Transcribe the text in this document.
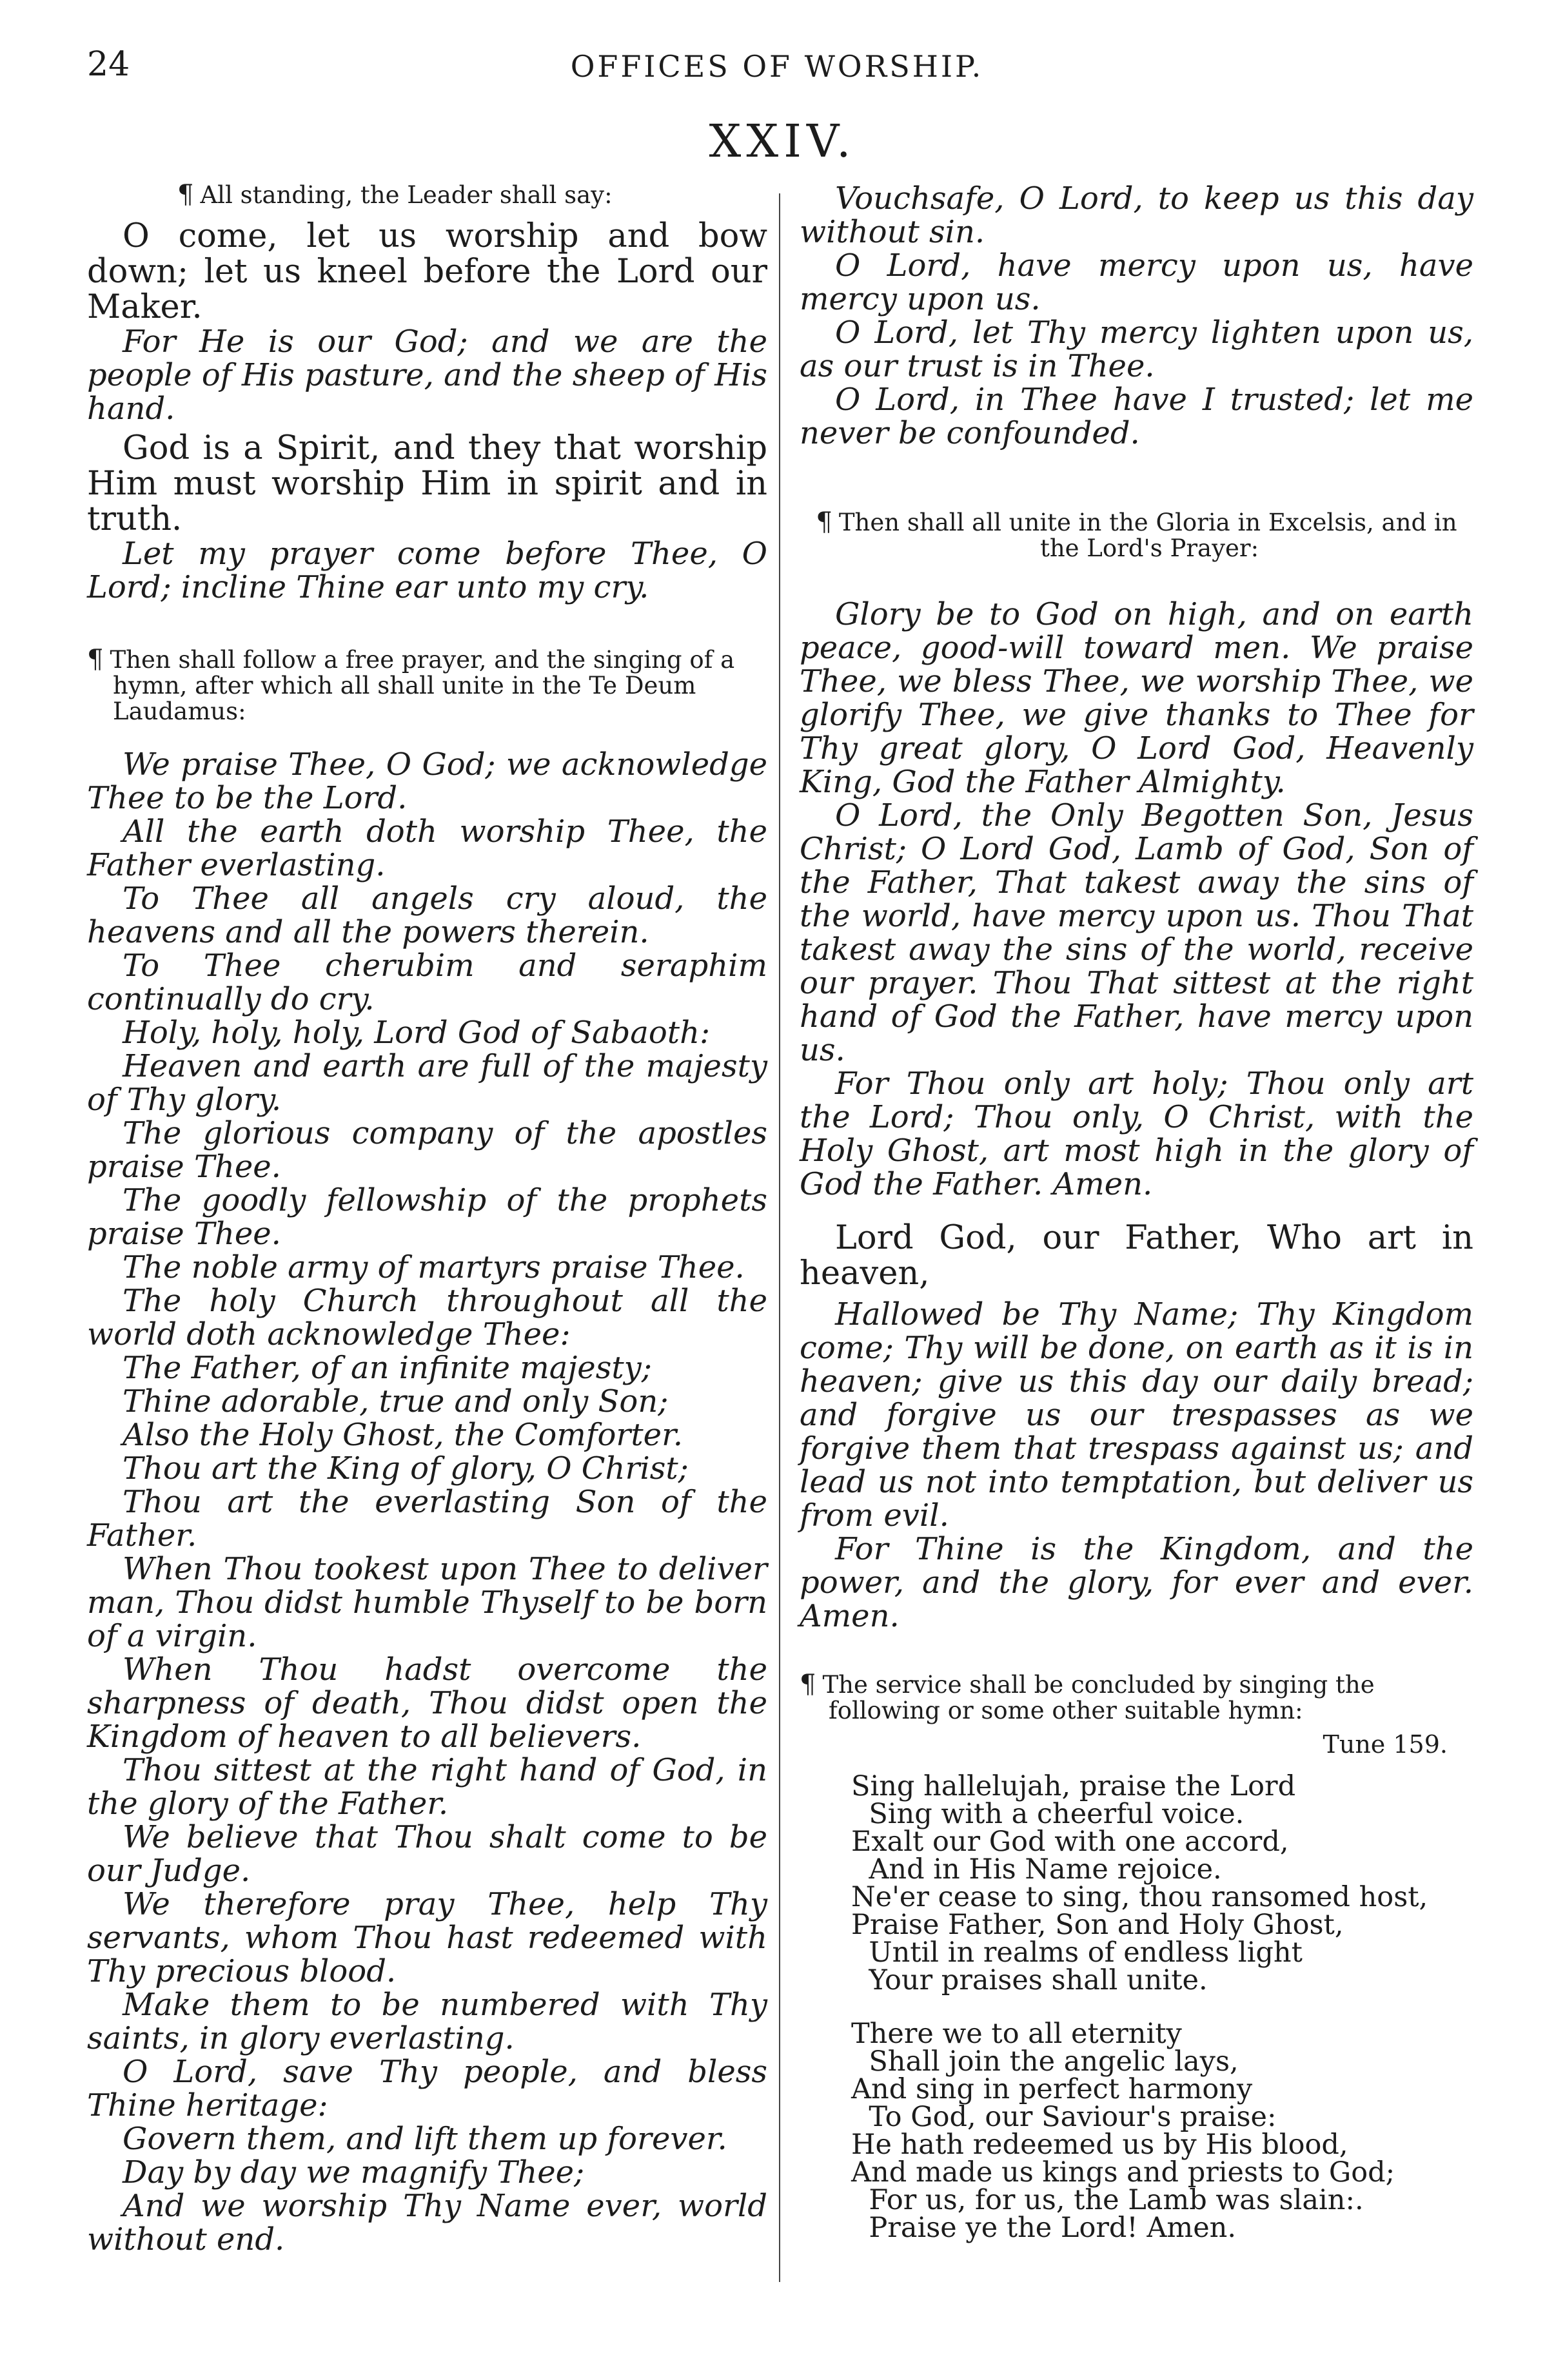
24	OFFICES OF WORSHIP.
XXIV.

¶ All standing, the Leader shall say:

O come, let us worship and bow down; let us kneel before the Lord our Maker.

For He is our God; and we are the people of His pasture, and the sheep of His hand.

God is a Spirit, and they that worship Him must worship Him in spirit and in truth.

Let my prayer come before Thee, O Lord; incline Thine ear unto my cry.

¶ Then shall follow a free prayer, and the singing of a hymn, after which all shall unite in the Te Deum Laudamus:

We praise Thee, O God; we acknowledge Thee to be the Lord.

All the earth doth worship Thee, the Father everlasting.

To Thee all angels cry aloud, the heavens and all the powers therein.

To Thee cherubim and seraphim continually do cry.

Holy, holy, holy, Lord God of Sabaoth:

Heaven and earth are full of the majesty of Thy glory.

The glorious company of the apostles praise Thee.

The goodly fellowship of the prophets praise Thee.

The noble army of martyrs praise Thee.

The holy Church throughout all the world doth acknowledge Thee:

The Father, of an infinite majesty;

Thine adorable, true and only Son;

Also the Holy Ghost, the Comforter.

Thou art the King of glory, O Christ;

Thou art the everlasting Son of the Father.

When Thou tookest upon Thee to deliver man, Thou didst humble Thyself to be born of a virgin.

When Thou hadst overcome the sharpness of death, Thou didst open the Kingdom of heaven to all believers.

Thou sittest at the right hand of God, in the glory of the Father.

We believe that Thou shalt come to be our Judge.

We therefore pray Thee, help Thy servants, whom Thou hast redeemed with Thy precious blood.

Make them to be numbered with Thy saints, in glory everlasting.

O Lord, save Thy people, and bless Thine heritage:

Govern them, and lift them up forever.

Day by day we magnify Thee;

And we worship Thy Name ever, world without end.

Vouchsafe, O Lord, to keep us this day without sin.

O Lord, have mercy upon us, have mercy upon us.

O Lord, let Thy mercy lighten upon us, as our trust is in Thee.

O Lord, in Thee have I trusted; let me never be confounded.

¶ Then shall all unite in the Gloria in Excelsis, and in the Lord's Prayer:

Glory be to God on high, and on earth peace, good-will toward men. We praise Thee, we bless Thee, we worship Thee, we glorify Thee, we give thanks to Thee for Thy great glory, O Lord God, Heavenly King, God the Father Almighty.

O Lord, the Only Begotten Son, Jesus Christ; O Lord God, Lamb of God, Son of the Father, That takest away the sins of the world, have mercy upon us. Thou That takest away the sins of the world, receive our prayer. Thou That sittest at the right hand of God the Father, have mercy upon us.

For Thou only art holy; Thou only art the Lord; Thou only, O Christ, with the Holy Ghost, art most high in the glory of God the Father. Amen.

Lord God, our Father, Who art in heaven,

Hallowed be Thy Name; Thy Kingdom come; Thy will be done, on earth as it is in heaven; give us this day our daily bread; and forgive us our trespasses as we forgive them that trespass against us; and lead us not into temptation, but deliver us from evil.

For Thine is the Kingdom, and the power, and the glory, for ever and ever. Amen.

¶ The service shall be concluded by singing the following or some other suitable hymn:

Tune 159.

Sing hallelujah, praise the Lord

Sing with a cheerful voice.

Exalt our God with one accord,

And in His Name rejoice.

Ne'er cease to sing, thou ransomed host,

Praise Father, Son and Holy Ghost,

Until in realms of endless light

Your praises shall unite.

There we to all eternity

Shall join the angelic lays,

And sing in perfect harmony

To God, our Saviour's praise:

He hath redeemed us by His blood,

And made us kings and priests to God;

For us, for us, the Lamb was slain:.

Praise ye the Lord! Amen.
